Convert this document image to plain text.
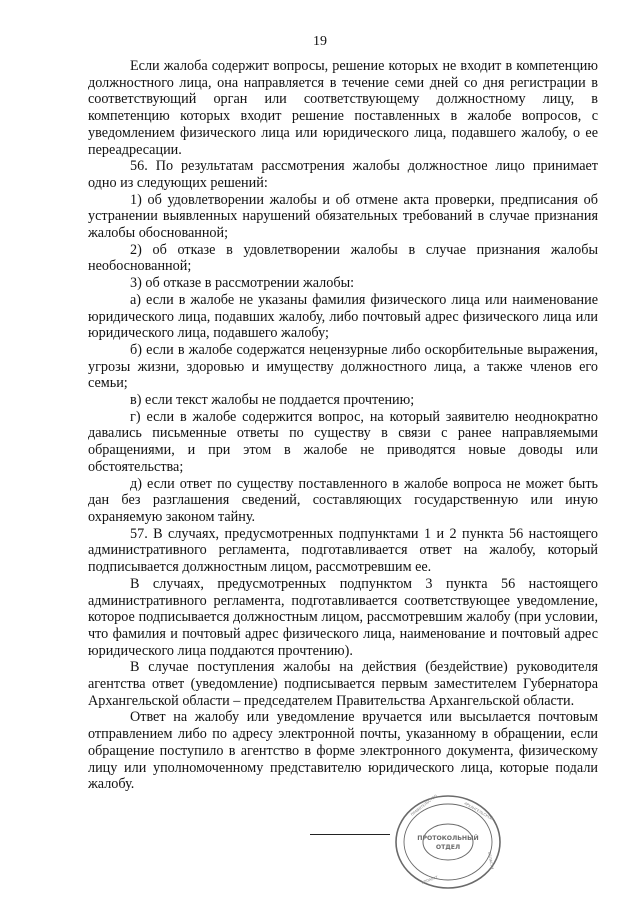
19

Если жалоба содержит вопросы, решение которых не входит в компетенцию должностного лица, она направляется в течение семи дней со дня регистрации в соответствующий орган или соответствующему должностному лицу, в компетенцию которых входит решение поставленных в жалобе вопросов, с уведомлением физического лица или юридического лица, подавшего жалобу, о ее переадресации.

56. По результатам рассмотрения жалобы должностное лицо принимает одно из следующих решений:

1) об удовлетворении жалобы и об отмене акта проверки, предписания об устранении выявленных нарушений обязательных требований в случае признания жалобы обоснованной;

2) об отказе в удовлетворении жалобы в случае признания жалобы необоснованной;

3) об отказе в рассмотрении жалобы:

а) если в жалобе не указаны фамилия физического лица или наименование юридического лица, подавших жалобу, либо почтовый адрес физического лица или юридического лица, подавшего жалобу;

б) если в жалобе содержатся нецензурные либо оскорбительные выражения, угрозы жизни, здоровью и имуществу должностного лица, а также членов его семьи;

в) если текст жалобы не поддается прочтению;

г) если в жалобе содержится вопрос, на который заявителю неоднократно давались письменные ответы по существу в связи с ранее направляемыми обращениями, и при этом в жалобе не приводятся новые доводы или обстоятельства;

д) если ответ по существу поставленного в жалобе вопроса не может быть дан без разглашения сведений, составляющих государственную или иную охраняемую законом тайну.

57. В случаях, предусмотренных подпунктами 1 и 2 пункта 56 настоящего административного регламента, подготавливается ответ на жалобу, который подписывается должностным лицом, рассмотревшим ее.

В случаях, предусмотренных подпунктом 3 пункта 56 настоящего административного регламента, подготавливается соответствующее уведомление, которое подписывается должностным лицом, рассмотревшим жалобу (при условии, что фамилия и почтовый адрес физического лица, наименование и почтовый адрес юридического лица поддаются прочтению).

В случае поступления жалобы на действия (бездействие) руководителя агентства ответ (уведомление) подписывается первым заместителем Губернатора Архангельской области – председателем Правительства Архангельской области.

Ответ на жалобу или уведомление вручается или высылается почтовым отправлением либо по адресу электронной почты, указанному в обращении, если обращение поступило в агентство в форме электронного документа, физическому лицу или уполномоченному представителю юридического лица, которые подали жалобу.

ПРОТОКОЛЬНЫЙ
ОТДЕЛ
ПРАВИТЕЛЬСТВО	АРХАНГЕЛЬСКОЙ
ОБЛАСТИ
АППАРАТ
